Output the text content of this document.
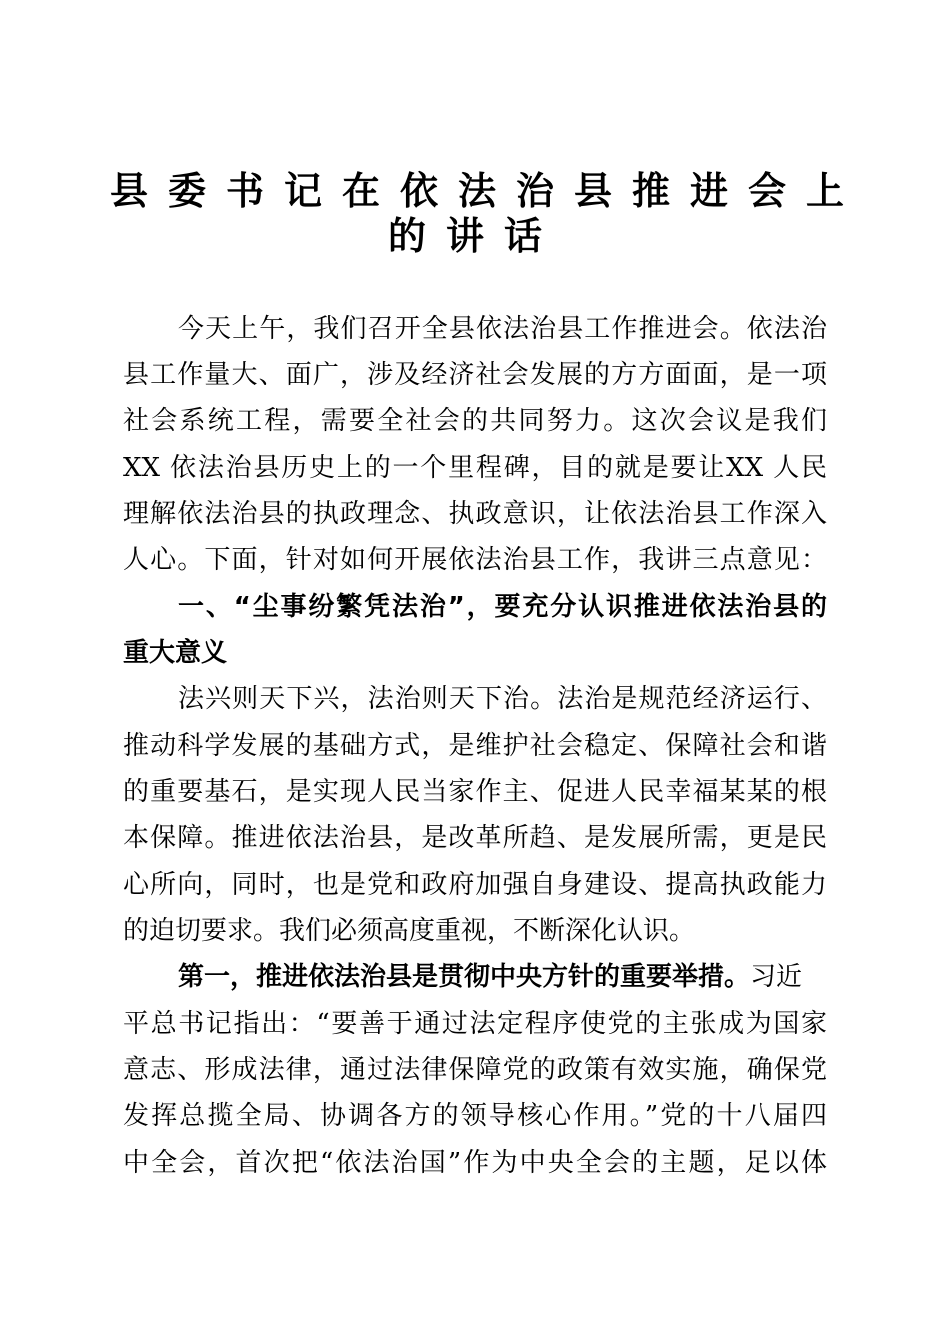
县委书记在依法治县推进会上
的讲话
今天上午，我们召开全县依法治县工作推进会。依法治
县工作量大、面广，涉及经济社会发展的方方面面，是一项
社会系统工程，需要全社会的共同努力。这次会议是我们
XX 依法治县历史上的一个里程碑，目的就是要让XX 人民
理解依法治县的执政理念、执政意识，让依法治县工作深入
人心。下面，针对如何开展依法治县工作，我讲三点意见：
一、“尘事纷繁凭法治”，要充分认识推进依法治县的
重大意义
法兴则天下兴，法治则天下治。法治是规范经济运行、
推动科学发展的基础方式，是维护社会稳定、保障社会和谐
的重要基石，是实现人民当家作主、促进人民幸福某某的根
本保障。推进依法治县，是改革所趋、是发展所需，更是民
心所向，同时，也是党和政府加强自身建设、提高执政能力
的迫切要求。我们必须高度重视，不断深化认识。
第一，推进依法治县是贯彻中央方针的重要举措。习近
平总书记指出：“要善于通过法定程序使党的主张成为国家
意志、形成法律，通过法律保障党的政策有效实施，确保党
发挥总揽全局、协调各方的领导核心作用。”党的十八届四
中全会，首次把“依法治国”作为中央全会的主题，足以体
